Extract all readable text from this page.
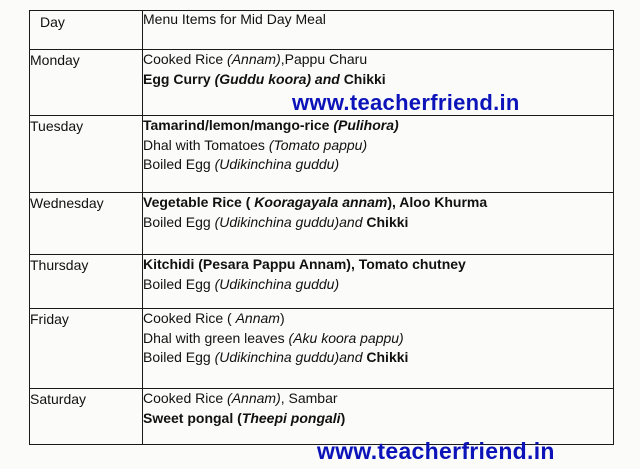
Day	Menu Items for Mid Day Meal

Monday	Cooked Rice (Annam),Pappu Charu
Egg Curry (Guddu koora) and Chikki

Tuesday	Tamarind/lemon/mango-rice (Pulihora)
Dhal with Tomatoes (Tomato pappu)
Boiled Egg (Udikinchina guddu)

Wednesday	Vegetable Rice ( Kooragayala annam), Aloo Khurma
Boiled Egg (Udikinchina guddu)and Chikki

Thursday	Kitchidi (Pesara Pappu Annam), Tomato chutney
Boiled Egg (Udikinchina guddu)

Friday	Cooked Rice ( Annam)
Dhal with green leaves (Aku koora pappu)
Boiled Egg (Udikinchina guddu)and Chikki

Saturday	Cooked Rice (Annam), Sambar
Sweet pongal (Theepi pongali)
www.teacherfriend.in
www.teacherfriend.in
